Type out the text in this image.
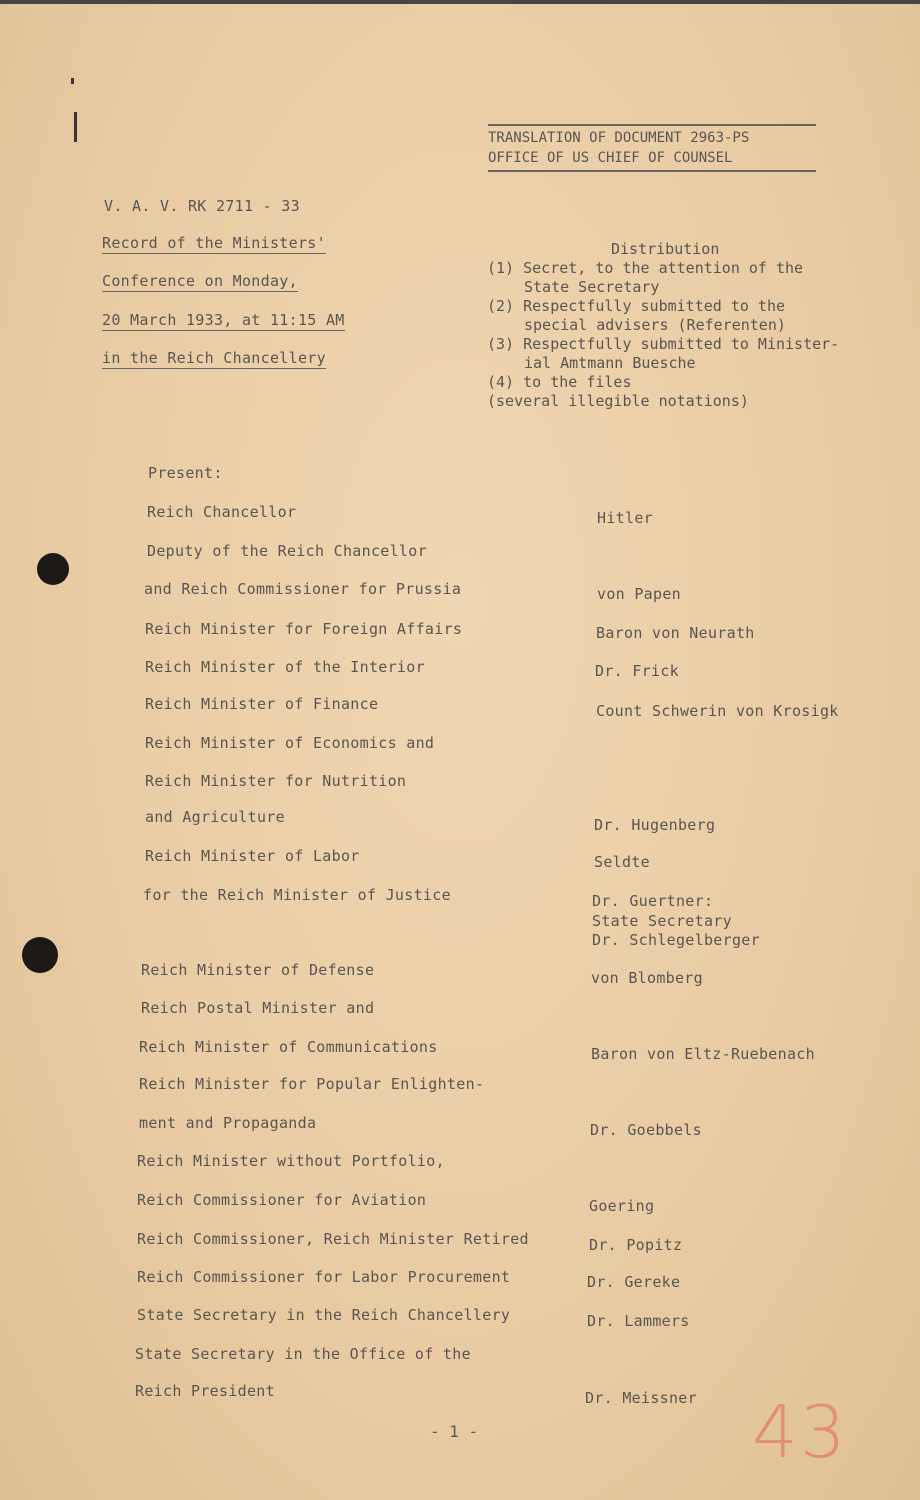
TRANSLATION OF DOCUMENT 2963-PS
OFFICE OF US CHIEF OF COUNSEL
V. A. V. RK 2711 - 33
Record of the Ministers'
Conference on Monday,
20 March 1933, at 11:15 AM
in the Reich Chancellery
Distribution
(1) Secret, to the attention of the
State Secretary
(2) Respectfully submitted to the
special advisers (Referenten)
(3) Respectfully submitted to Minister-
ial Amtmann Buesche
(4) to the files
(several illegible notations)
Present:
Reich Chancellor
Deputy of the Reich Chancellor
and Reich Commissioner for Prussia
Reich Minister for Foreign Affairs
Reich Minister of the Interior
Reich Minister of Finance
Reich Minister of Economics and
Reich Minister for Nutrition
and Agriculture
Reich Minister of Labor
for the Reich Minister of Justice
Reich Minister of Defense
Reich Postal Minister and
Reich Minister of Communications
Reich Minister for Popular Enlighten-
ment and Propaganda
Reich Minister without Portfolio,
Reich Commissioner for Aviation
Reich Commissioner, Reich Minister Retired
Reich Commissioner for Labor Procurement
State Secretary in the Reich Chancellery
State Secretary in the Office of the
Reich President
Hitler
von Papen
Baron von Neurath
Dr. Frick
Count Schwerin von Krosigk
Dr. Hugenberg
Seldte
Dr. Guertner:
State Secretary
Dr. Schlegelberger
von Blomberg
Baron von Eltz-Ruebenach
Dr. Goebbels
Goering
Dr. Popitz
Dr. Gereke
Dr. Lammers
Dr. Meissner
- 1 -	43
